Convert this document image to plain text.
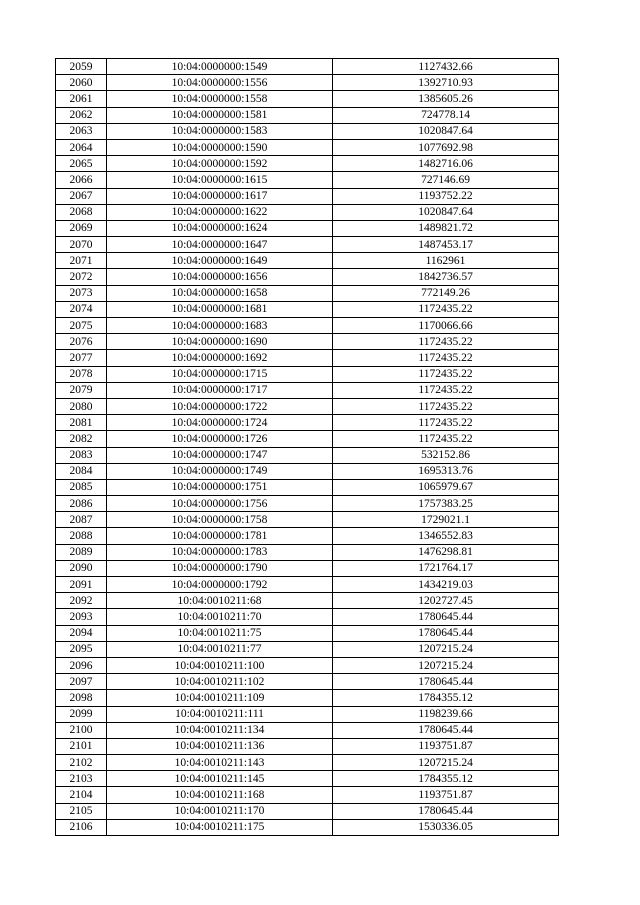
2059	10:04:0000000:1549	1127432.66
2060	10:04:0000000:1556	1392710.93
2061	10:04:0000000:1558	1385605.26
2062	10:04:0000000:1581	724778.14
2063	10:04:0000000:1583	1020847.64
2064	10:04:0000000:1590	1077692.98
2065	10:04:0000000:1592	1482716.06
2066	10:04:0000000:1615	727146.69
2067	10:04:0000000:1617	1193752.22
2068	10:04:0000000:1622	1020847.64
2069	10:04:0000000:1624	1489821.72
2070	10:04:0000000:1647	1487453.17
2071	10:04:0000000:1649	1162961
2072	10:04:0000000:1656	1842736.57
2073	10:04:0000000:1658	772149.26
2074	10:04:0000000:1681	1172435.22
2075	10:04:0000000:1683	1170066.66
2076	10:04:0000000:1690	1172435.22
2077	10:04:0000000:1692	1172435.22
2078	10:04:0000000:1715	1172435.22
2079	10:04:0000000:1717	1172435.22
2080	10:04:0000000:1722	1172435.22
2081	10:04:0000000:1724	1172435.22
2082	10:04:0000000:1726	1172435.22
2083	10:04:0000000:1747	532152.86
2084	10:04:0000000:1749	1695313.76
2085	10:04:0000000:1751	1065979.67
2086	10:04:0000000:1756	1757383.25
2087	10:04:0000000:1758	1729021.1
2088	10:04:0000000:1781	1346552.83
2089	10:04:0000000:1783	1476298.81
2090	10:04:0000000:1790	1721764.17
2091	10:04:0000000:1792	1434219.03
2092	10:04:0010211:68	1202727.45
2093	10:04:0010211:70	1780645.44
2094	10:04:0010211:75	1780645.44
2095	10:04:0010211:77	1207215.24
2096	10:04:0010211:100	1207215.24
2097	10:04:0010211:102	1780645.44
2098	10:04:0010211:109	1784355.12
2099	10:04:0010211:111	1198239.66
2100	10:04:0010211:134	1780645.44
2101	10:04:0010211:136	1193751.87
2102	10:04:0010211:143	1207215.24
2103	10:04:0010211:145	1784355.12
2104	10:04:0010211:168	1193751.87
2105	10:04:0010211:170	1780645.44
2106	10:04:0010211:175	1530336.05
